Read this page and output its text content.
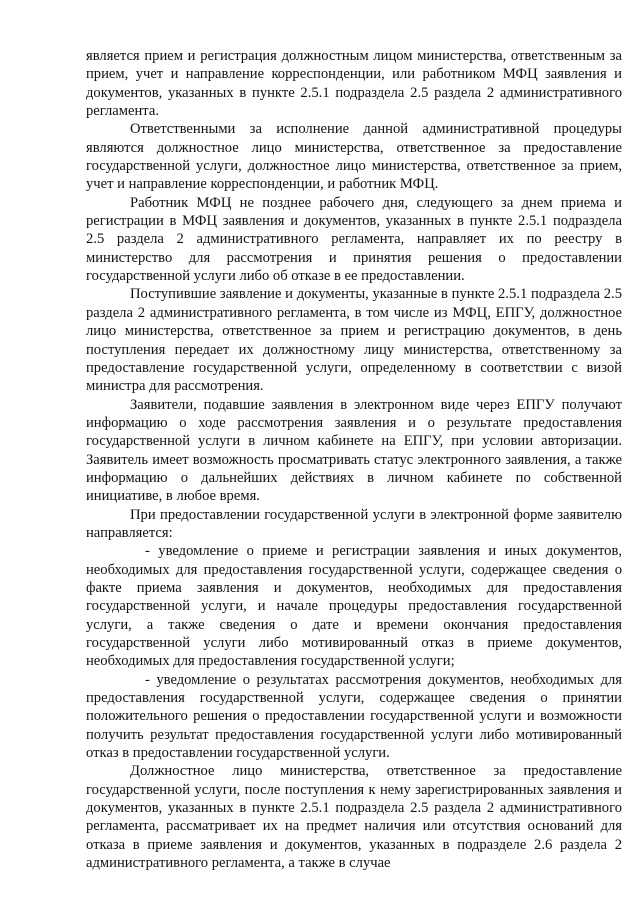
является прием и регистрация должностным лицом министерства, ответственным за прием, учет и направление корреспонденции, или работником МФЦ заявления и документов, указанных в пункте 2.5.1 подраздела 2.5 раздела 2 административного регламента.

Ответственными за исполнение данной административной процедуры являются должностное лицо министерства, ответственное за предоставление государственной услуги, должностное лицо министерства, ответственное за прием, учет и направление корреспонденции, и работник МФЦ.

Работник МФЦ не позднее рабочего дня, следующего за днем приема и регистрации в МФЦ заявления и документов, указанных в пункте 2.5.1 подраздела 2.5 раздела 2 административного регламента, направляет их по реестру в министерство для рассмотрения и принятия решения о предоставлении государственной услуги либо об отказе в ее предоставлении.

Поступившие заявление и документы, указанные в пункте 2.5.1 подраздела 2.5 раздела 2 административного регламента, в том числе из МФЦ, ЕПГУ, должностное лицо министерства, ответственное за прием и регистрацию документов, в день поступления передает их должностному лицу министерства, ответственному за предоставление государственной услуги, определенному в соответствии с визой министра для рассмотрения.

Заявители, подавшие заявления в электронном виде через ЕПГУ получают информацию о ходе рассмотрения заявления и о результате предоставления государственной услуги в личном кабинете на ЕПГУ, при условии авторизации. Заявитель имеет возможность просматривать статус электронного заявления, а также информацию о дальнейших действиях в личном кабинете по собственной инициативе, в любое время.

При предоставлении государственной услуги в электронной форме заявителю направляется:

- уведомление о приеме и регистрации заявления и иных документов, необходимых для предоставления государственной услуги, содержащее сведения о факте приема заявления и документов, необходимых для предоставления государственной услуги, и начале процедуры предоставления государственной услуги, а также сведения о дате и времени окончания предоставления государственной услуги либо мотивированный отказ в приеме документов, необходимых для предоставления государственной услуги;

- уведомление о результатах рассмотрения документов, необходимых для предоставления государственной услуги, содержащее сведения о принятии положительного решения о предоставлении государственной услуги и возможности получить результат предоставления государственной услуги либо мотивированный отказ в предоставлении государственной услуги.

Должностное лицо министерства, ответственное за предоставление государственной услуги, после поступления к нему зарегистрированных заявления и документов, указанных в пункте 2.5.1 подраздела 2.5 раздела 2 административного регламента, рассматривает их на предмет наличия или отсутствия оснований для отказа в приеме заявления и документов, указанных в подразделе 2.6 раздела 2 административного регламента, а также в случае
